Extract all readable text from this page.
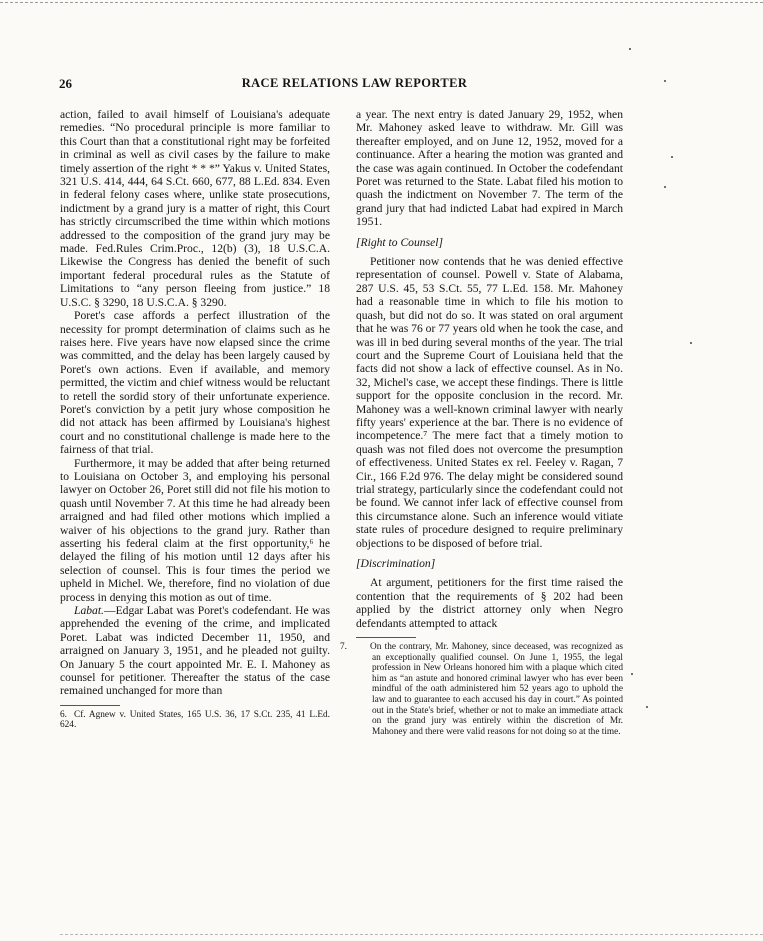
26	RACE RELATIONS LAW REPORTER

action, failed to avail himself of Louisiana's adequate remedies. “No procedural principle is more familiar to this Court than that a constitutional right may be forfeited in criminal as well as civil cases by the failure to make timely assertion of the right * * *” Yakus v. United States, 321 U.S. 414, 444, 64 S.Ct. 660, 677, 88 L.Ed. 834. Even in federal felony cases where, unlike state prosecutions, indictment by a grand jury is a matter of right, this Court has strictly circumscribed the time within which motions addressed to the composition of the grand jury may be made. Fed.Rules Crim.Proc., 12(b) (3), 18 U.S.C.A. Likewise the Congress has denied the benefit of such important federal procedural rules as the Statute of Limitations to “any person fleeing from justice.” 18 U.S.C. § 3290, 18 U.S.C.A. § 3290.

Poret's case affords a perfect illustration of the necessity for prompt determination of claims such as he raises here. Five years have now elapsed since the crime was committed, and the delay has been largely caused by Poret's own actions. Even if available, and memory permitted, the victim and chief witness would be reluctant to retell the sordid story of their unfortunate experience. Poret's conviction by a petit jury whose composition he did not attack has been affirmed by Louisiana's highest court and no constitutional challenge is made here to the fairness of that trial.

Furthermore, it may be added that after being returned to Louisiana on October 3, and employing his personal lawyer on October 26, Poret still did not file his motion to quash until November 7. At this time he had already been arraigned and had filed other motions which implied a waiver of his objections to the grand jury. Rather than asserting his federal claim at the first opportunity,⁶ he delayed the filing of his motion until 12 days after his selection of counsel. This is four times the period we upheld in Michel. We, therefore, find no violation of due process in denying this motion as out of time.

Labat.—Edgar Labat was Poret's codefendant. He was apprehended the evening of the crime, and implicated Poret. Labat was indicted December 11, 1950, and arraigned on January 3, 1951, and he pleaded not guilty. On January 5 the court appointed Mr. E. I. Mahoney as counsel for petitioner. Thereafter the status of the case remained unchanged for more than

6. Cf. Agnew v. United States, 165 U.S. 36, 17 S.Ct. 235, 41 L.Ed. 624.

a year. The next entry is dated January 29, 1952, when Mr. Mahoney asked leave to withdraw. Mr. Gill was thereafter employed, and on June 12, 1952, moved for a continuance. After a hearing the motion was granted and the case was again continued. In October the codefendant Poret was returned to the State. Labat filed his motion to quash the indictment on November 7. The term of the grand jury that had indicted Labat had expired in March 1951.

[Right to Counsel]

Petitioner now contends that he was denied effective representation of counsel. Powell v. State of Alabama, 287 U.S. 45, 53 S.Ct. 55, 77 L.Ed. 158. Mr. Mahoney had a reasonable time in which to file his motion to quash, but did not do so. It was stated on oral argument that he was 76 or 77 years old when he took the case, and was ill in bed during several months of the year. The trial court and the Supreme Court of Louisiana held that the facts did not show a lack of effective counsel. As in No. 32, Michel's case, we accept these findings. There is little support for the opposite conclusion in the record. Mr. Mahoney was a well-known criminal lawyer with nearly fifty years' experience at the bar. There is no evidence of incompetence.⁷ The mere fact that a timely motion to quash was not filed does not overcome the presumption of effectiveness. United States ex rel. Feeley v. Ragan, 7 Cir., 166 F.2d 976. The delay might be considered sound trial strategy, particularly since the codefendant could not be found. We cannot infer lack of effective counsel from this circumstance alone. Such an inference would vitiate state rules of procedure designed to require preliminary objections to be disposed of before trial.

[Discrimination]

At argument, petitioners for the first time raised the contention that the requirements of § 202 had been applied by the district attorney only when Negro defendants attempted to attack

7. On the contrary, Mr. Mahoney, since deceased, was recognized as an exceptionally qualified counsel. On June 1, 1955, the legal profession in New Orleans honored him with a plaque which cited him as “an astute and honored criminal lawyer who has ever been mindful of the oath administered him 52 years ago to uphold the law and to guarantee to each accused his day in court.” As pointed out in the State's brief, whether or not to make an immediate attack on the grand jury was entirely within the discretion of Mr. Mahoney and there were valid reasons for not doing so at the time.
